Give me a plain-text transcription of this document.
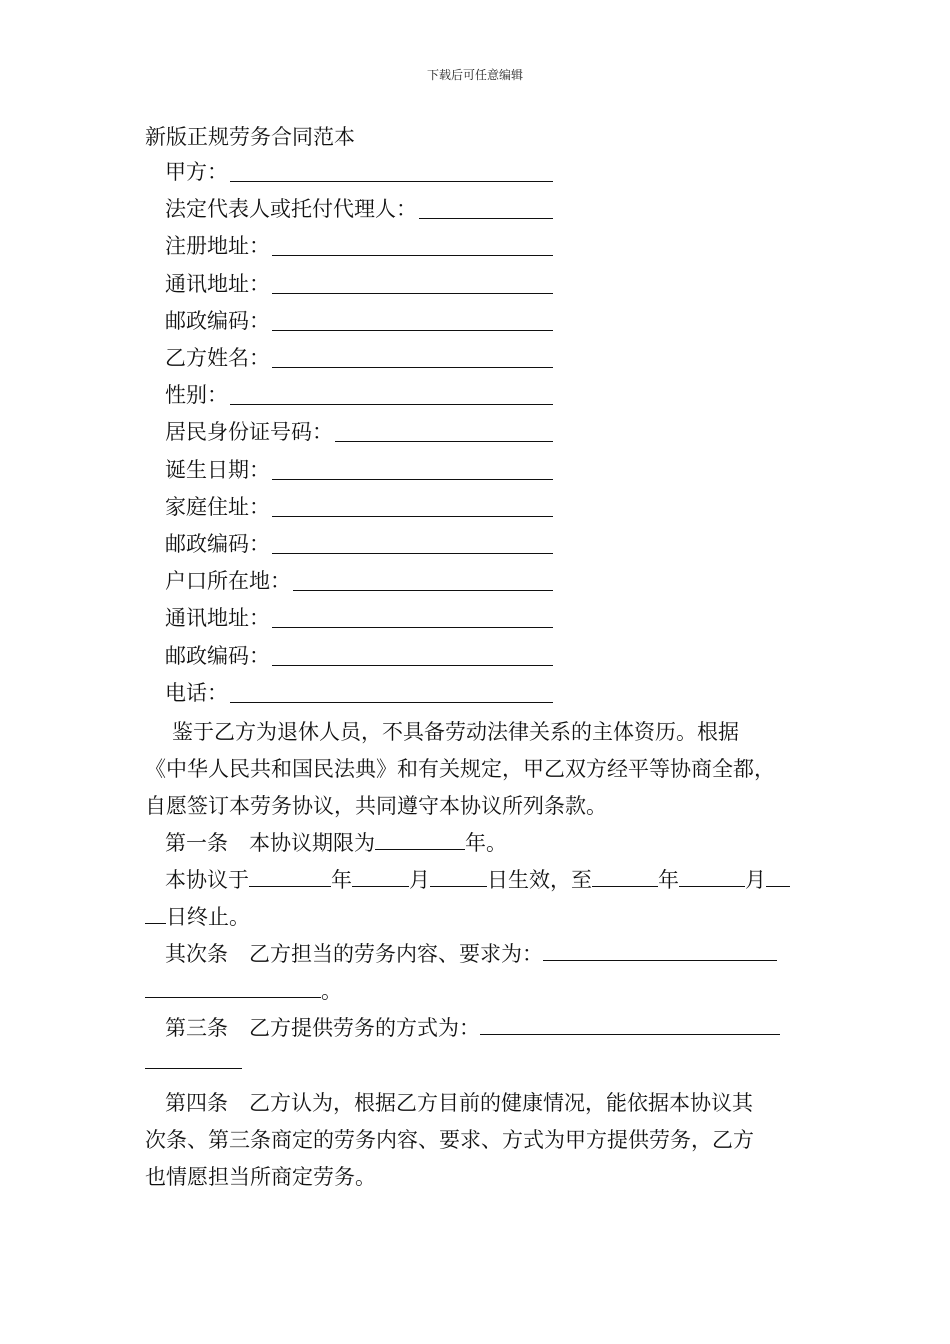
下载后可任意编辑
新版正规劳务合同范本
甲方：
法定代表人或托付代理人：
注册地址：
通讯地址：
邮政编码：
乙方姓名：
性别：
居民身份证号码：
诞生日期：
家庭住址：
邮政编码：
户口所在地：
通讯地址：
邮政编码：
电话：
鉴于乙方为退休人员，不具备劳动法律关系的主体资历。根据
《中华人民共和国民法典》和有关规定，甲乙双方经平等协商全都，
自愿签订本劳务协议，共同遵守本协议所列条款。
第一条 本协议期限为	年。
本协议于	年	月	日生效，至	年	月
日终止。
其次条 乙方担当的劳务内容、要求为：
。
第三条 乙方提供劳务的方式为：
第四条 乙方认为，根据乙方目前的健康情况，能依据本协议其
次条、第三条商定的劳务内容、要求、方式为甲方提供劳务，乙方
也情愿担当所商定劳务。
